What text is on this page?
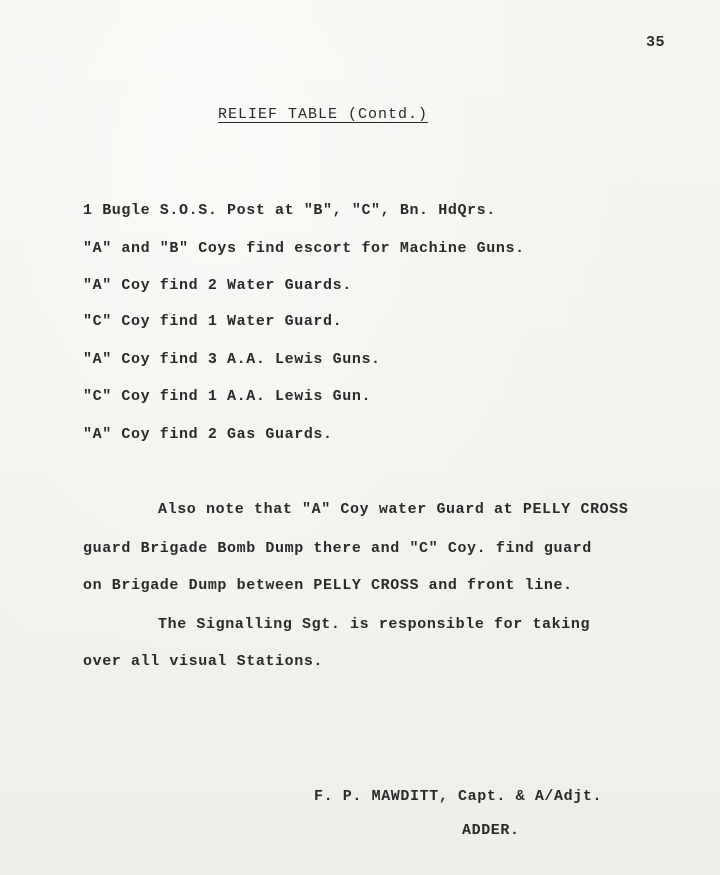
35
RELIEF TABLE (Contd.)
1 Bugle S.O.S. Post at "B", "C", Bn. HdQrs.
"A" and "B" Coys find escort for Machine Guns.
"A" Coy find 2 Water Guards.
"C" Coy find 1 Water Guard.
"A" Coy find 3 A.A. Lewis Guns.
"C" Coy find 1 A.A. Lewis Gun.
"A" Coy find 2 Gas Guards.
Also note that "A" Coy water Guard at PELLY CROSS
guard Brigade Bomb Dump there and "C" Coy. find guard
on Brigade Dump between PELLY CROSS and front line.
The Signalling Sgt. is responsible for taking
over all visual Stations.
F. P. MAWDITT, Capt. & A/Adjt.
ADDER.
